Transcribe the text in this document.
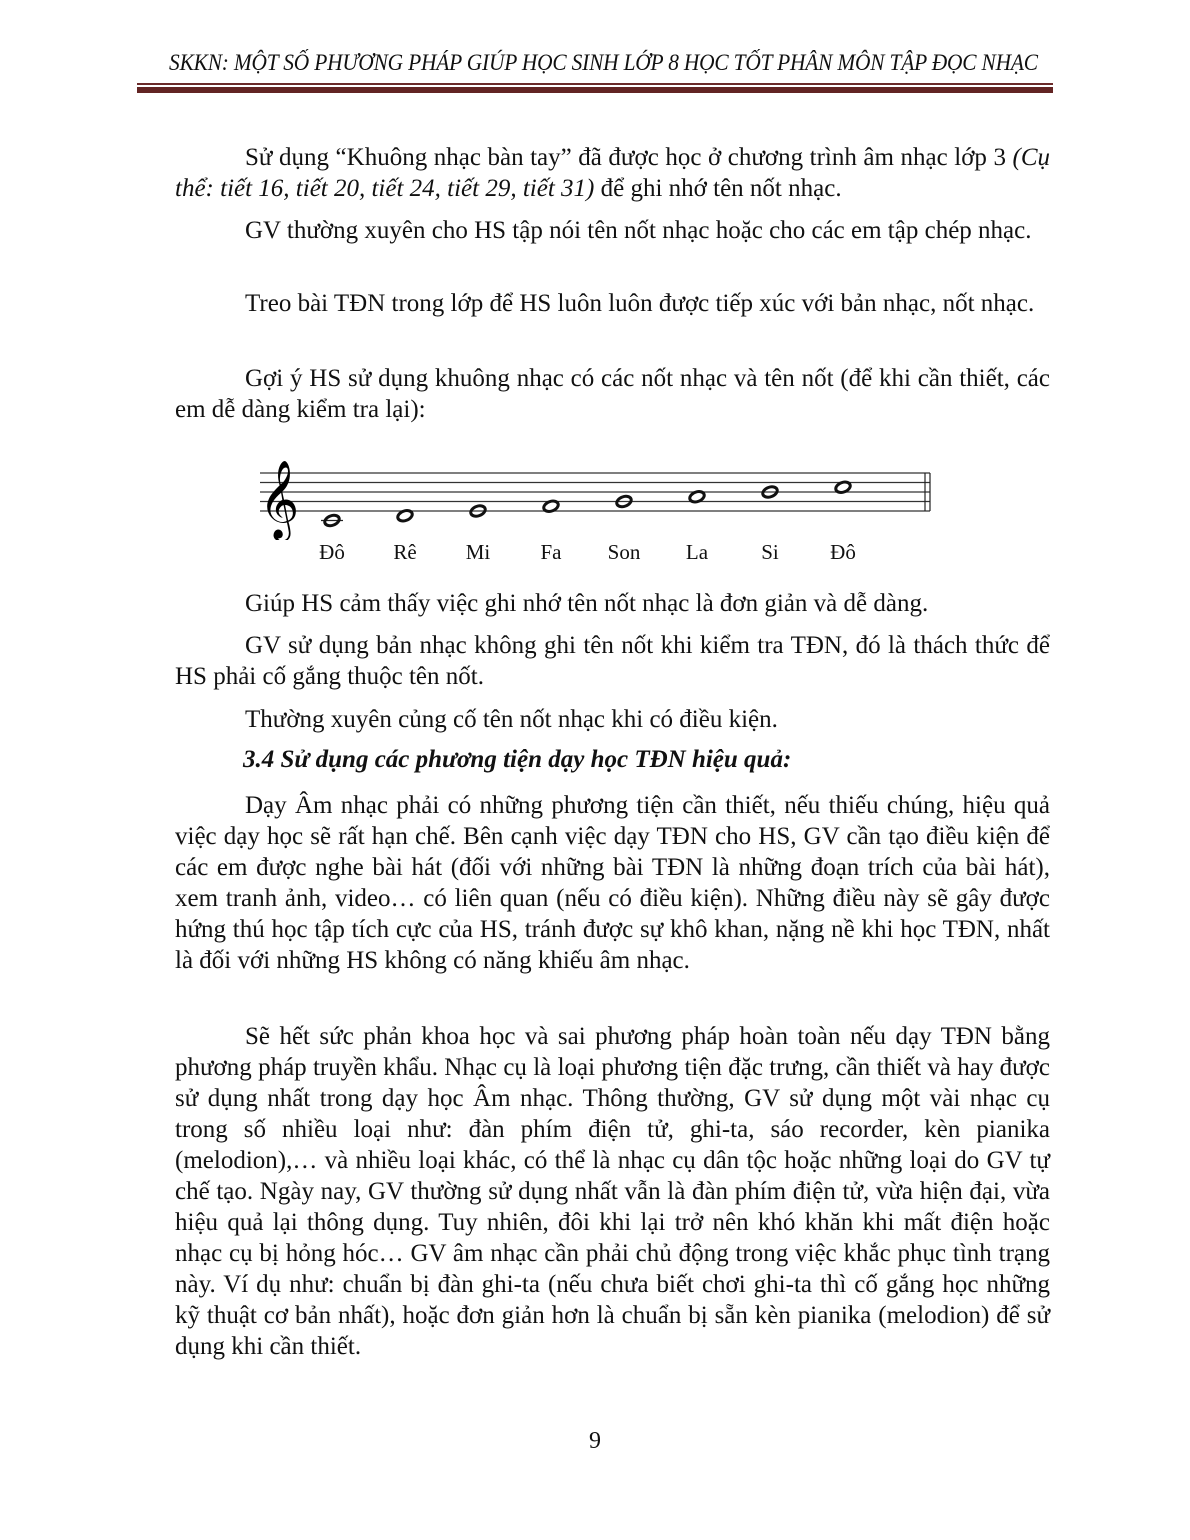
SKKN: MỘT SỐ PHƯƠNG PHÁP GIÚP HỌC SINH LỚP 8 HỌC TỐT PHÂN MÔN TẬP ĐỌC NHẠC
Sử dụng “Khuông nhạc bàn tay” đã được học ở chương trình âm nhạc lớp 3 (Cụ thể: tiết 16, tiết 20, tiết 24, tiết 29, tiết 31) để ghi nhớ tên nốt nhạc.
GV thường xuyên cho HS tập nói tên nốt nhạc hoặc cho các em tập chép nhạc.
Treo bài TĐN trong lớp để HS luôn luôn được tiếp xúc với bản nhạc, nốt nhạc.
Gợi ý HS sử dụng khuông nhạc có các nốt nhạc và tên nốt (để khi cần thiết, các em dễ dàng kiểm tra lại):
𝄞
Đô Rê Mi Fa Son La	Si Đô
Giúp HS cảm thấy việc ghi nhớ tên nốt nhạc là đơn giản và dễ dàng.
GV sử dụng bản nhạc không ghi tên nốt khi kiểm tra TĐN, đó là thách thức để HS phải cố gắng thuộc tên nốt.
Thường xuyên củng cố tên nốt nhạc khi có điều kiện.
3.4 Sử dụng các phương tiện dạy học TĐN hiệu quả:
Dạy Âm nhạc phải có những phương tiện cần thiết, nếu thiếu chúng, hiệu quả việc dạy học sẽ rất hạn chế. Bên cạnh việc dạy TĐN cho HS, GV cần tạo điều kiện để các em được nghe bài hát (đối với những bài TĐN là những đoạn trích của bài hát), xem tranh ảnh, video… có liên quan (nếu có điều kiện). Những điều này sẽ gây được hứng thú học tập tích cực của HS, tránh được sự khô khan, nặng nề khi học TĐN, nhất là đối với những HS không có năng khiếu âm nhạc.
Sẽ hết sức phản khoa học và sai phương pháp hoàn toàn nếu dạy TĐN bằng phương pháp truyền khẩu. Nhạc cụ là loại phương tiện đặc trưng, cần thiết và hay được sử dụng nhất trong dạy học Âm nhạc. Thông thường, GV sử dụng một vài nhạc cụ trong số nhiều loại như: đàn phím điện tử, ghi-ta, sáo recorder, kèn pianika (melodion),… và nhiều loại khác, có thể là nhạc cụ dân tộc hoặc những loại do GV tự chế tạo. Ngày nay, GV thường sử dụng nhất vẫn là đàn phím điện tử, vừa hiện đại, vừa hiệu quả lại thông dụng. Tuy nhiên, đôi khi lại trở nên khó khăn khi mất điện hoặc nhạc cụ bị hỏng hóc… GV âm nhạc cần phải chủ động trong việc khắc phục tình trạng này. Ví dụ như: chuẩn bị đàn ghi-ta (nếu chưa biết chơi ghi-ta thì cố gắng học những kỹ thuật cơ bản nhất), hoặc đơn giản hơn là chuẩn bị sẵn kèn pianika (melodion) để sử dụng khi cần thiết.
9
